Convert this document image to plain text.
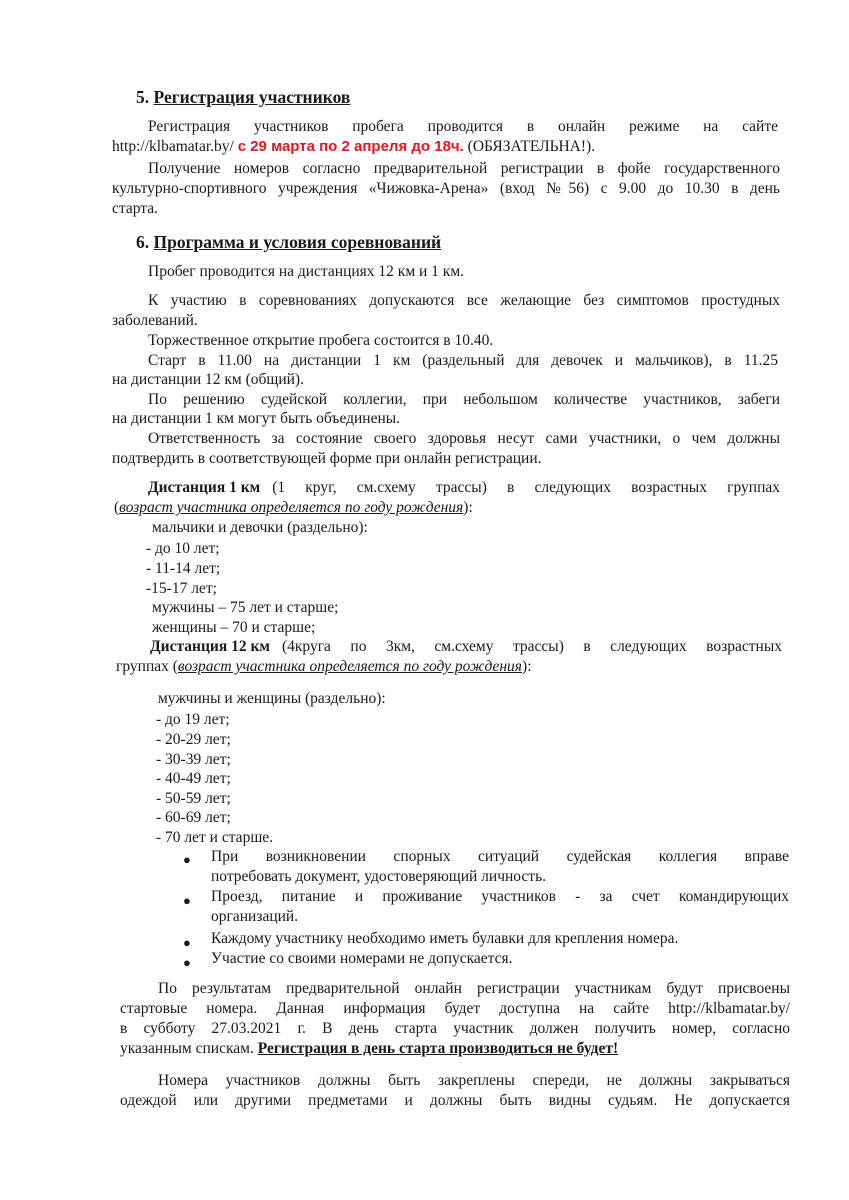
5. Регистрация участников
Регистрация участников пробега проводится в онлайн режиме на сайте
http://klbamatar.by/ с 29 марта по 2 апреля до 18ч. (ОБЯЗАТЕЛЬНА!).
Получение номеров согласно предварительной регистрации в фойе государственного
культурно-спортивного учреждения «Чижовка-Арена» (вход №56) с 9.00 до 10.30 в день
старта.
6. Программа и условия соревнований
Пробег проводится на дистанциях 12 км и 1 км.
К участию в соревнованиях допускаются все желающие без симптомов простудных
заболеваний.
Торжественное открытие пробега состоится в 10.40.
Старт в 11.00 на дистанции 1 км (раздельный для девочек и мальчиков), в 11.25
на дистанции 12 км (общий).
По решению судейской коллегии, при небольшом количестве участников, забеги
на дистанции 1 км могут быть объединены.
Ответственность за состояние своего здоровья несут сами участники, о чем должны
подтвердить в соответствующей форме при онлайн регистрации.
Дистанция 1 км (1 круг, см.схему трассы) в следующих возрастных группах
(возраст участника определяется по году рождения):
мальчики и девочки (раздельно):
- до 10 лет;
- 11-14 лет;
-15-17 лет;
мужчины – 75 лет и старше;
женщины – 70 и старше;
Дистанция 12 км (4круга по 3км, см.схему трассы) в следующих возрастных
группах (возраст участника определяется по году рождения):
мужчины и женщины (раздельно):
- до 19 лет;
- 20-29 лет;
- 30-39 лет;
- 40-49 лет;
- 50-59 лет;
- 60-69 лет;
- 70 лет и старше.
● При возникновении спорных ситуаций судейская коллегия вправе
потребовать документ, удостоверяющий личность.
● Проезд, питание и проживание участников - за счет командирующих
организаций.
● Каждому участнику необходимо иметь булавки для крепления номера.
● Участие со своими номерами не допускается.
По результатам предварительной онлайн регистрации участникам будут присвоены
стартовые номера. Данная информация будет доступна на сайте http://klbamatar.by/
в субботу 27.03.2021 г. В день старта участник должен получить номер, согласно
указанным спискам. Регистрация в день старта производиться не будет!
Номера участников должны быть закреплены спереди, не должны закрываться
одеждой или другими предметами и должны быть видны судьям. Не допускается
